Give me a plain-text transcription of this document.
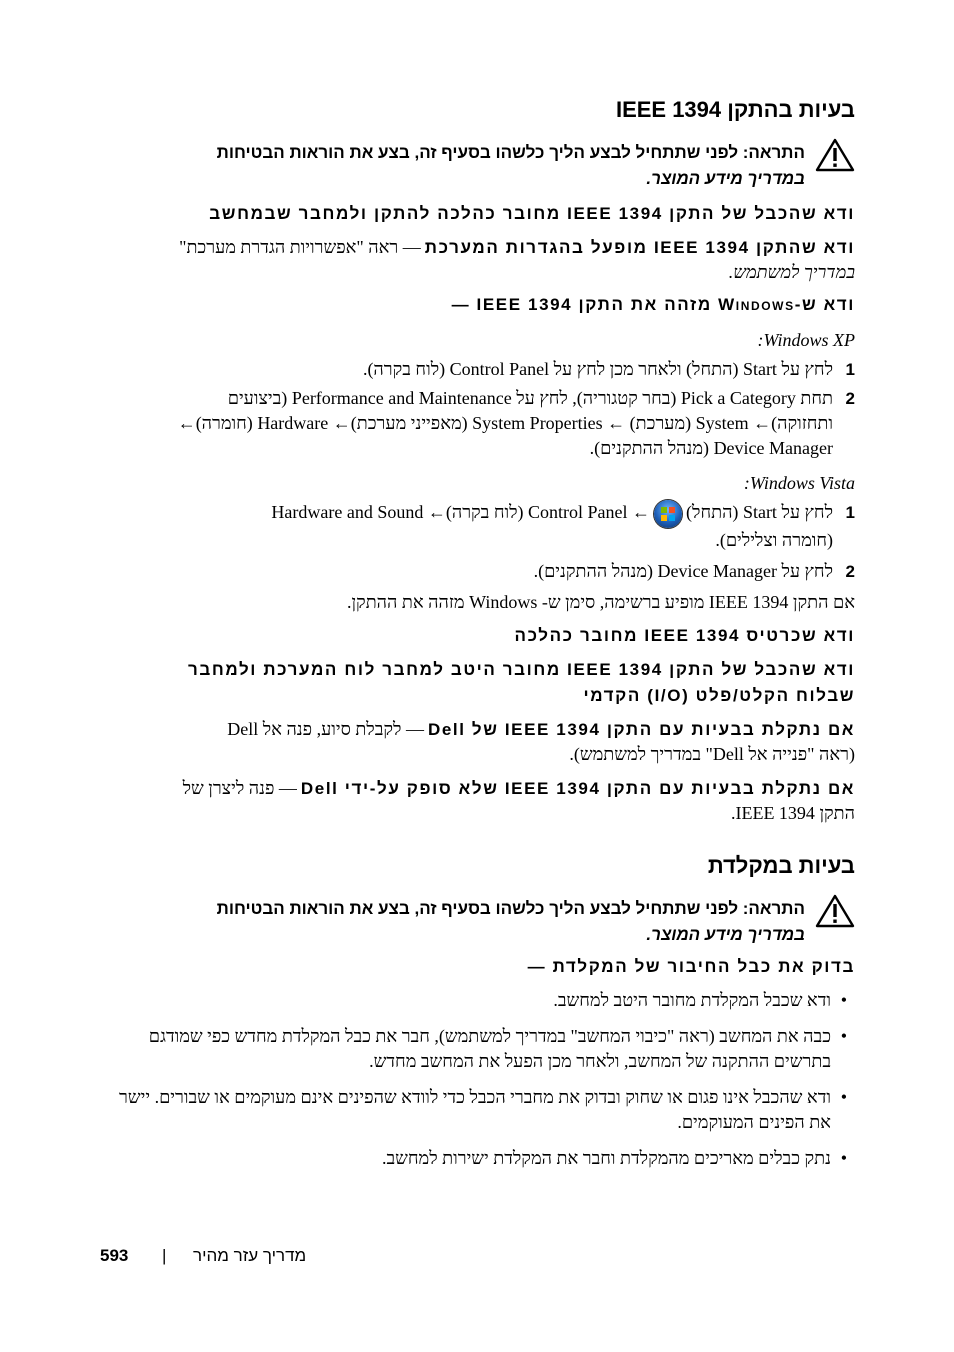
בעיות בהתקן IEEE 1394
התראה: לפני שתתחיל לבצע הליך כלשהו בסעיף זה, בצע את הוראות הבטיחות
במדריך מידע המוצר.
ודא שהכבל של התקן IEEE 1394 מחובר כהלכה להתקן ולמחבר שבמחשב
ודא שהתקן IEEE 1394 מופעל בהגדרות המערכת — ראה "אפשרויות הגדרת מערכת"
במדריך למשתמש.
ודא ש-Windows מזהה את התקן IEEE 1394 —
Windows XP:
1
לחץ על Start (התחל) ולאחר מכן לחץ על Control Panel (לוח בקרה).
2
תחת Pick a Category (בחר קטגוריה), לחץ על Performance and Maintenance (ביצועים
ותחזוקה)← System (מערכת) ← System Properties (מאפייני מערכת)← Hardware (חומרה)←
Device Manager (מנהל ההתקנים).
Windows Vista:
1
לחץ על Start (התחל)
← Control Panel (לוח בקרה)← Hardware and Sound
(חומרה וצלילים).
2
לחץ על Device Manager (מנהל ההתקנים).
אם התקן IEEE 1394 מופיע ברשימה, סימן ש- Windows מזהה את ההתקן.
ודא שכרטיס IEEE 1394 מחובר כהלכה
ודא שהכבל של התקן IEEE 1394 מחובר היטב למחבר לוח המערכת ולמחבר
שבלוח הקלט/פלט (I/O) הקדמי
אם נתקלת בבעיות עם התקן IEEE 1394 של Dell — לקבלת סיוע, פנה אל Dell
(ראה "פנייה אל Dell" במדריך למשתמש).
אם נתקלת בבעיות עם התקן IEEE 1394 שלא סופק על-ידי Dell — פנה ליצרן של
התקן IEEE 1394.
בעיות במקלדת
התראה: לפני שתתחיל לבצע הליך כלשהו בסעיף זה, בצע את הוראות הבטיחות
במדריך מידע המוצר.
בדוק את כבל החיבור של המקלדת —
•
ודא שכבל המקלדת מחובר היטב למחשב.
•
כבה את המחשב (ראה "כיבוי המחשב" במדריך למשתמש), חבר את כבל המקלדת מחדש כפי שמודגם בתרשים ההתקנה של המחשב, ולאחר מכן הפעל את המחשב מחדש.
•
ודא שהכבל אינו פגום או שחוק ובדוק את מחברי הכבל כדי לוודא שהפינים אינם מעוקמים או שבורים. יישר את הפינים המעוקמים.
•
נתק כבלים מאריכים מהמקלדת וחבר את המקלדת ישירות למחשב.
593 | מדריך עזר מהיר
